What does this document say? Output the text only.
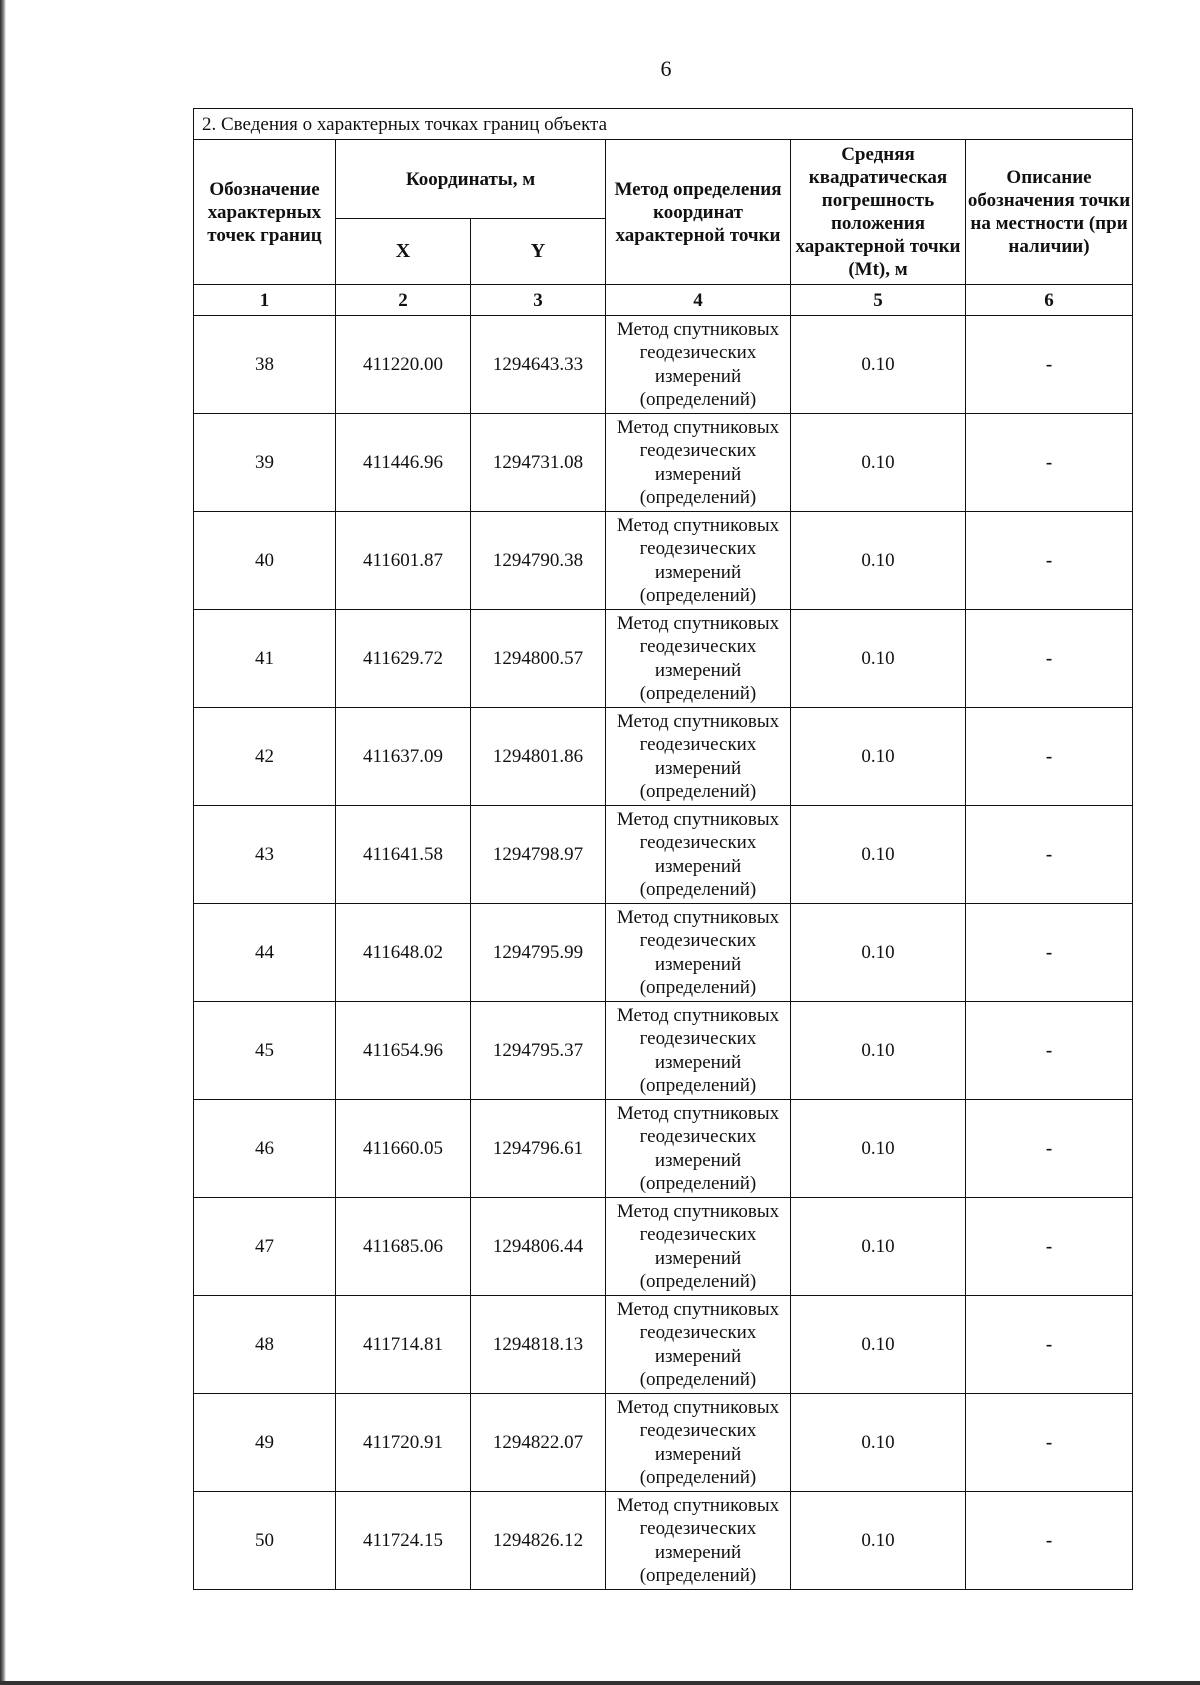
6
2. Сведения о характерных точках границ объекта					
Обозначение характерных точек границ	Координаты, м		Метод определения координат характерной точки	Средняя квадратическая погрешность положения характерной точки (Mt), м	Описание обозначения точки на местности (при наличии)
	X	Y			
1	2	3	4	5	6
38	411220.00	1294643.33	Метод спутниковых геодезических измерений (определений)	0.10	-
39	411446.96	1294731.08	Метод спутниковых геодезических измерений (определений)	0.10	-
40	411601.87	1294790.38	Метод спутниковых геодезических измерений (определений)	0.10	-
41	411629.72	1294800.57	Метод спутниковых геодезических измерений (определений)	0.10	-
42	411637.09	1294801.86	Метод спутниковых геодезических измерений (определений)	0.10	-
43	411641.58	1294798.97	Метод спутниковых геодезических измерений (определений)	0.10	-
44	411648.02	1294795.99	Метод спутниковых геодезических измерений (определений)	0.10	-
45	411654.96	1294795.37	Метод спутниковых геодезических измерений (определений)	0.10	-
46	411660.05	1294796.61	Метод спутниковых геодезических измерений (определений)	0.10	-
47	411685.06	1294806.44	Метод спутниковых геодезических измерений (определений)	0.10	-
48	411714.81	1294818.13	Метод спутниковых геодезических измерений (определений)	0.10	-
49	411720.91	1294822.07	Метод спутниковых геодезических измерений (определений)	0.10	-
50	411724.15	1294826.12	Метод спутниковых геодезических измерений (определений)	0.10	-
